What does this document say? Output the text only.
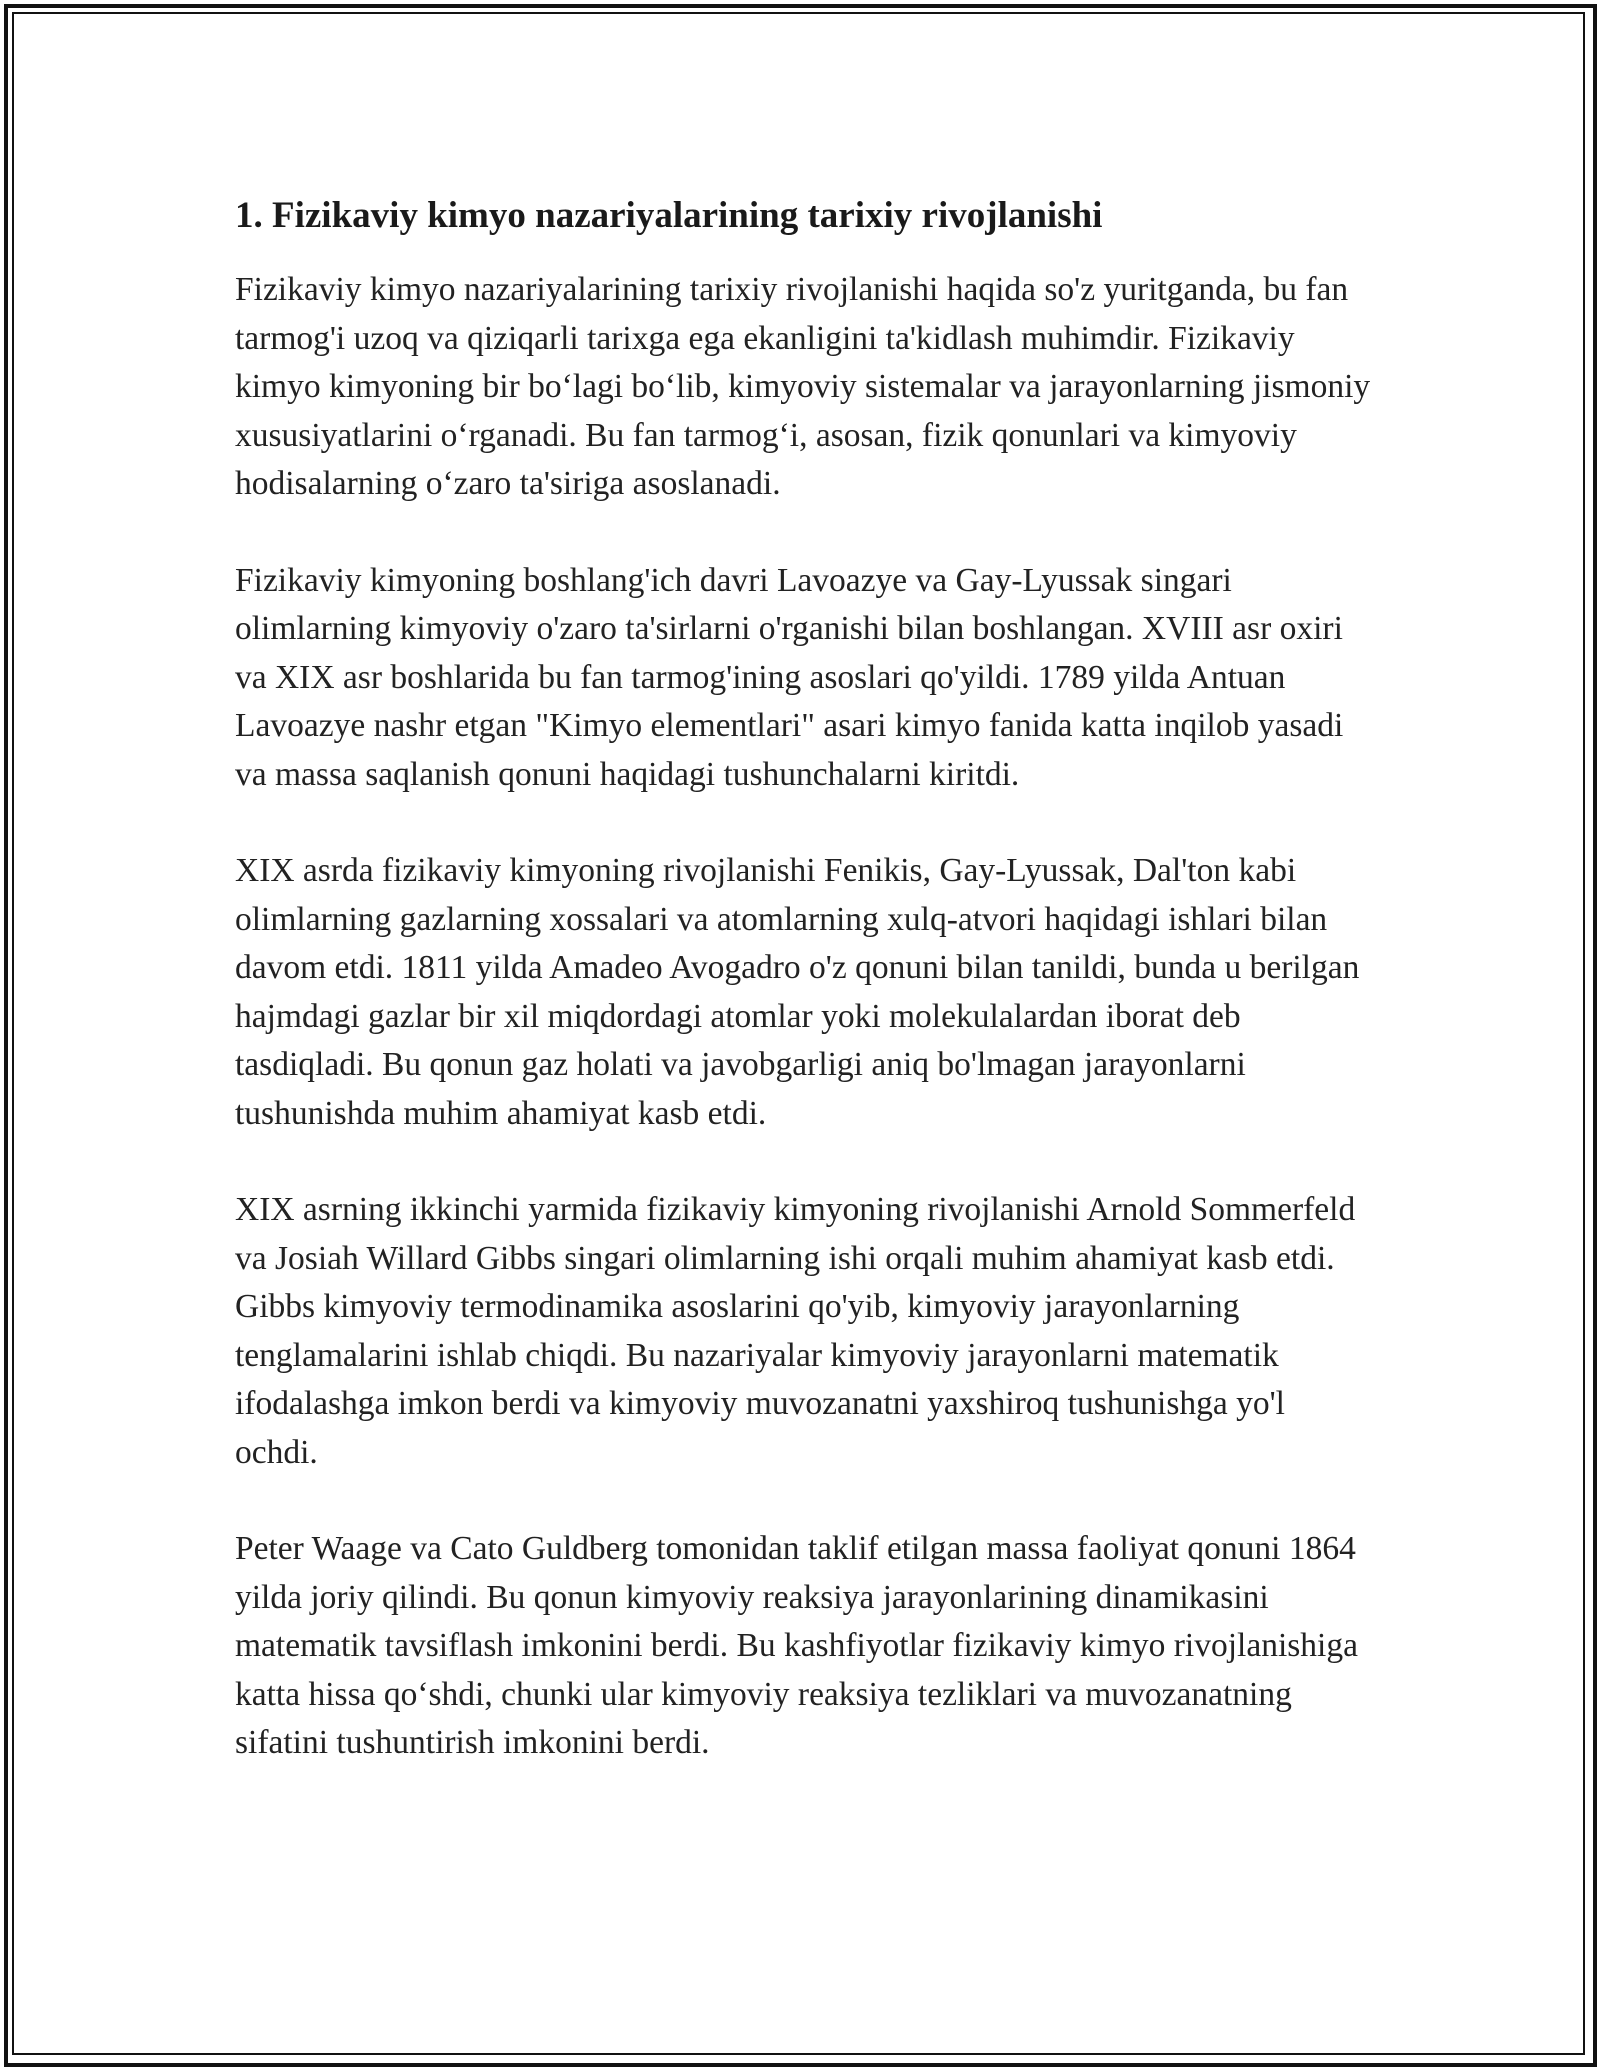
1. Fizikaviy kimyo nazariyalarining tarixiy rivojlanishi

Fizikaviy kimyo nazariyalarining tarixiy rivojlanishi haqida so'z yuritganda, bu fan tarmog'i uzoq va qiziqarli tarixga ega ekanligini ta'kidlash muhimdir. Fizikaviy kimyo kimyoning bir bo‘lagi bo‘lib, kimyoviy sistemalar va jarayonlarning jismoniy xususiyatlarini o‘rganadi. Bu fan tarmog‘i, asosan, fizik qonunlari va kimyoviy hodisalarning o‘zaro ta'siriga asoslanadi.

Fizikaviy kimyoning boshlang'ich davri Lavoazye va Gay-Lyussak singari olimlarning kimyoviy o'zaro ta'sirlarni o'rganishi bilan boshlangan. XVIII asr oxiri va XIX asr boshlarida bu fan tarmog'ining asoslari qo'yildi. 1789 yilda Antuan Lavoazye nashr etgan "Kimyo elementlari" asari kimyo fanida katta inqilob yasadi va massa saqlanish qonuni haqidagi tushunchalarni kiritdi.

XIX asrda fizikaviy kimyoning rivojlanishi Fenikis, Gay-Lyussak, Dal'ton kabi olimlarning gazlarning xossalari va atomlarning xulq-atvori haqidagi ishlari bilan davom etdi. 1811 yilda Amadeo Avogadro o'z qonuni bilan tanildi, bunda u berilgan hajmdagi gazlar bir xil miqdordagi atomlar yoki molekulalardan iborat deb tasdiqladi. Bu qonun gaz holati va javobgarligi aniq bo'lmagan jarayonlarni tushunishda muhim ahamiyat kasb etdi.

XIX asrning ikkinchi yarmida fizikaviy kimyoning rivojlanishi Arnold Sommerfeld va Josiah Willard Gibbs singari olimlarning ishi orqali muhim ahamiyat kasb etdi. Gibbs kimyoviy termodinamika asoslarini qo'yib, kimyoviy jarayonlarning tenglamalarini ishlab chiqdi. Bu nazariyalar kimyoviy jarayonlarni matematik ifodalashga imkon berdi va kimyoviy muvozanatni yaxshiroq tushunishga yo'l ochdi.

Peter Waage va Cato Guldberg tomonidan taklif etilgan massa faoliyat qonuni 1864 yilda joriy qilindi. Bu qonun kimyoviy reaksiya jarayonlarining dinamikasini matematik tavsiflash imkonini berdi. Bu kashfiyotlar fizikaviy kimyo rivojlanishiga katta hissa qo‘shdi, chunki ular kimyoviy reaksiya tezliklari va muvozanatning sifatini tushuntirish imkonini berdi.
